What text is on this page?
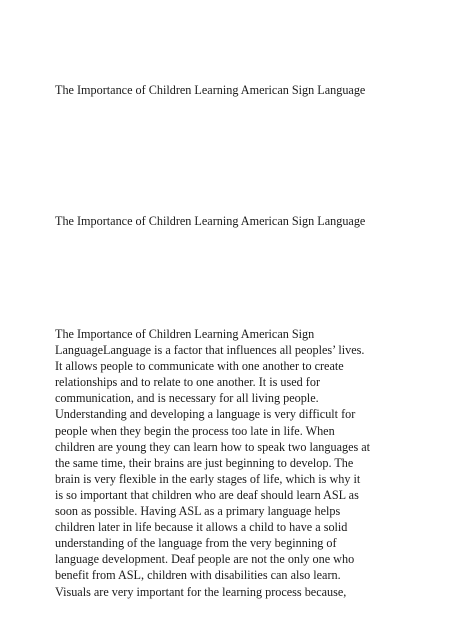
The Importance of Children Learning American Sign Language

The Importance of Children Learning American Sign Language

The Importance of Children Learning American Sign
LanguageLanguage is a factor that influences all peoples’ lives.
It allows people to communicate with one another to create
relationships and to relate to one another. It is used for
communication, and is necessary for all living people.
Understanding and developing a language is very difficult for
people when they begin the process too late in life. When
children are young they can learn how to speak two languages at
the same time, their brains are just beginning to develop. The
brain is very flexible in the early stages of life, which is why it
is so important that children who are deaf should learn ASL as
soon as possible. Having ASL as a primary language helps
children later in life because it allows a child to have a solid
understanding of the language from the very beginning of
language development. Deaf people are not the only one who
benefit from ASL, children with disabilities can also learn.
Visuals are very important for the learning process because,
